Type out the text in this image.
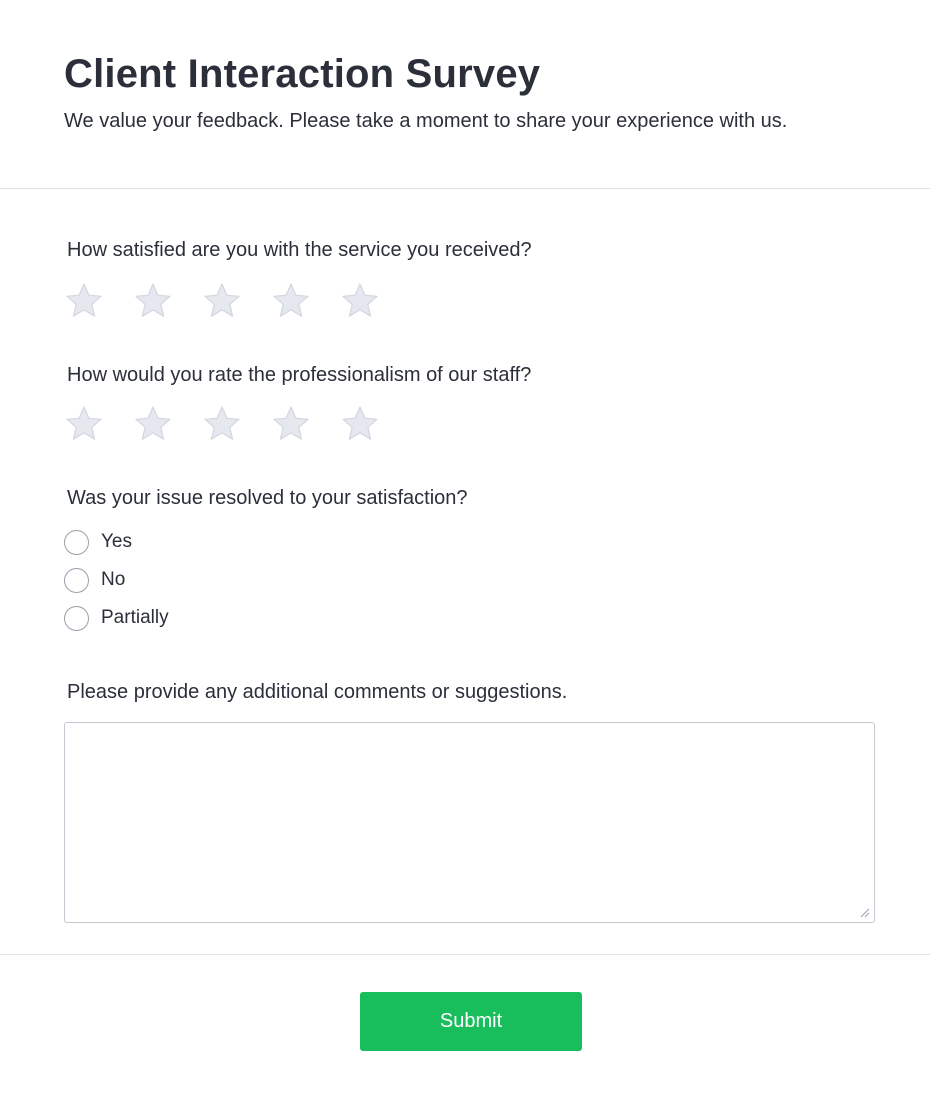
Client Interaction Survey

We value your feedback. Please take a moment to share your experience with us.

How satisfied are you with the service you received?
How would you rate the professionalism of our staff?
Was your issue resolved to your satisfaction?
Yes
No
Partially
Please provide any additional comments or suggestions.
Submit
